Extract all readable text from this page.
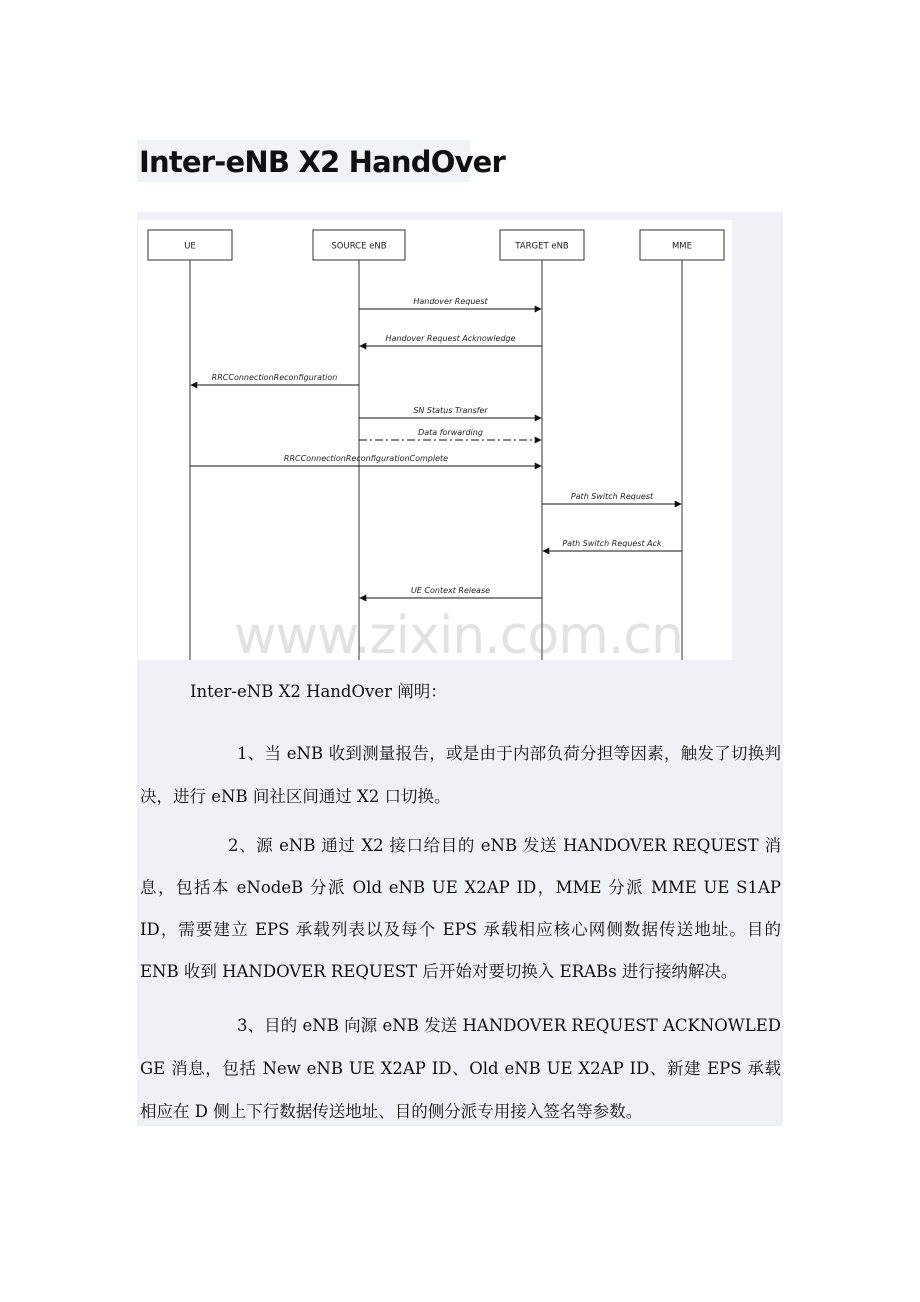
Inter-eNB X2 HandOver
UE	SOURCE eNB	TARGET eNB	MME
Handover Request
Handover Request Acknowledge
RRCConnectionReconfiguration
SN Status Transfer
Data forwarding
RRCConnectionReconfigurationComplete
Path Switch Request
Path Switch Request Ack
UE Context Release
www.zixin.com.cn
Inter-eNB X2 HandOver 阐明：
1、当 eNB 收到测量报告，或是由于内部负荷分担等因素，触发了切换判决，进行 eNB 间社区间通过 X2 口切换。
2、源 eNB 通过 X2 接口给目的 eNB 发送 HANDOVER REQUEST 消息，包括本 eNodeB 分派 Old eNB UE X2AP ID，MME 分派 MME UE S1AP ID，需要建立 EPS 承载列表以及每个 EPS 承载相应核心网侧数据传送地址。目的 ENB 收到 HANDOVER REQUEST 后开始对要切换入 ERABs 进行接纳解决。
3、目的 eNB 向源 eNB 发送 HANDOVER REQUEST ACKNOWLEDGE 消息，包括 New eNB UE X2AP ID、Old eNB UE X2AP ID、新建 EPS 承载相应在 D 侧上下行数据传送地址、目的侧分派专用接入签名等参数。
